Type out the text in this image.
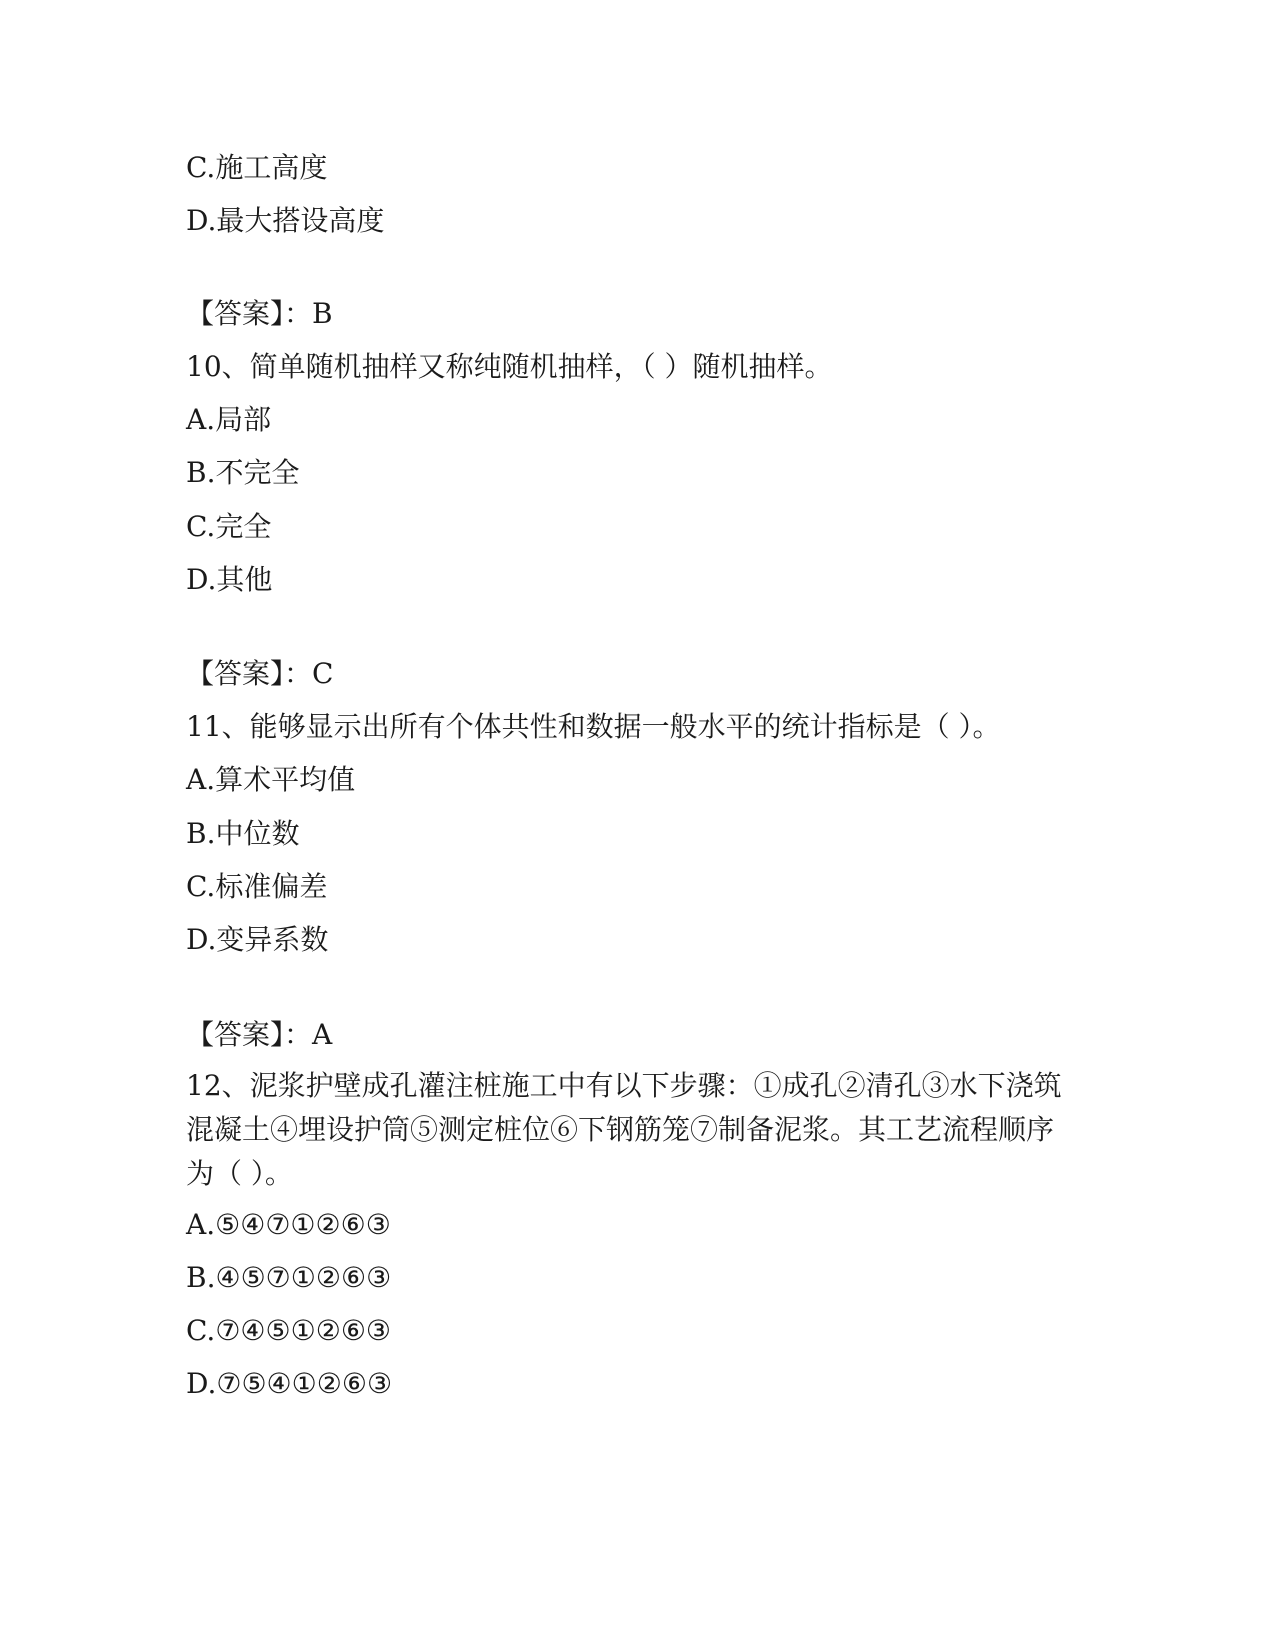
C.施工高度
D.最大搭设高度
【答案】：B
10、简单随机抽样又称纯随机抽样，（ ）随机抽样。
A.局部
B.不完全
C.完全
D.其他
【答案】：C
11、能够显示出所有个体共性和数据一般水平的统计指标是（ ）。
A.算术平均值
B.中位数
C.标准偏差
D.变异系数
【答案】：A
12、泥浆护壁成孔灌注桩施工中有以下步骤：①成孔②清孔③水下浇筑混凝土④埋设护筒⑤测定桩位⑥下钢筋笼⑦制备泥浆。其工艺流程顺序为（ ）。
A.⑤④⑦①②⑥③
B.④⑤⑦①②⑥③
C.⑦④⑤①②⑥③
D.⑦⑤④①②⑥③
